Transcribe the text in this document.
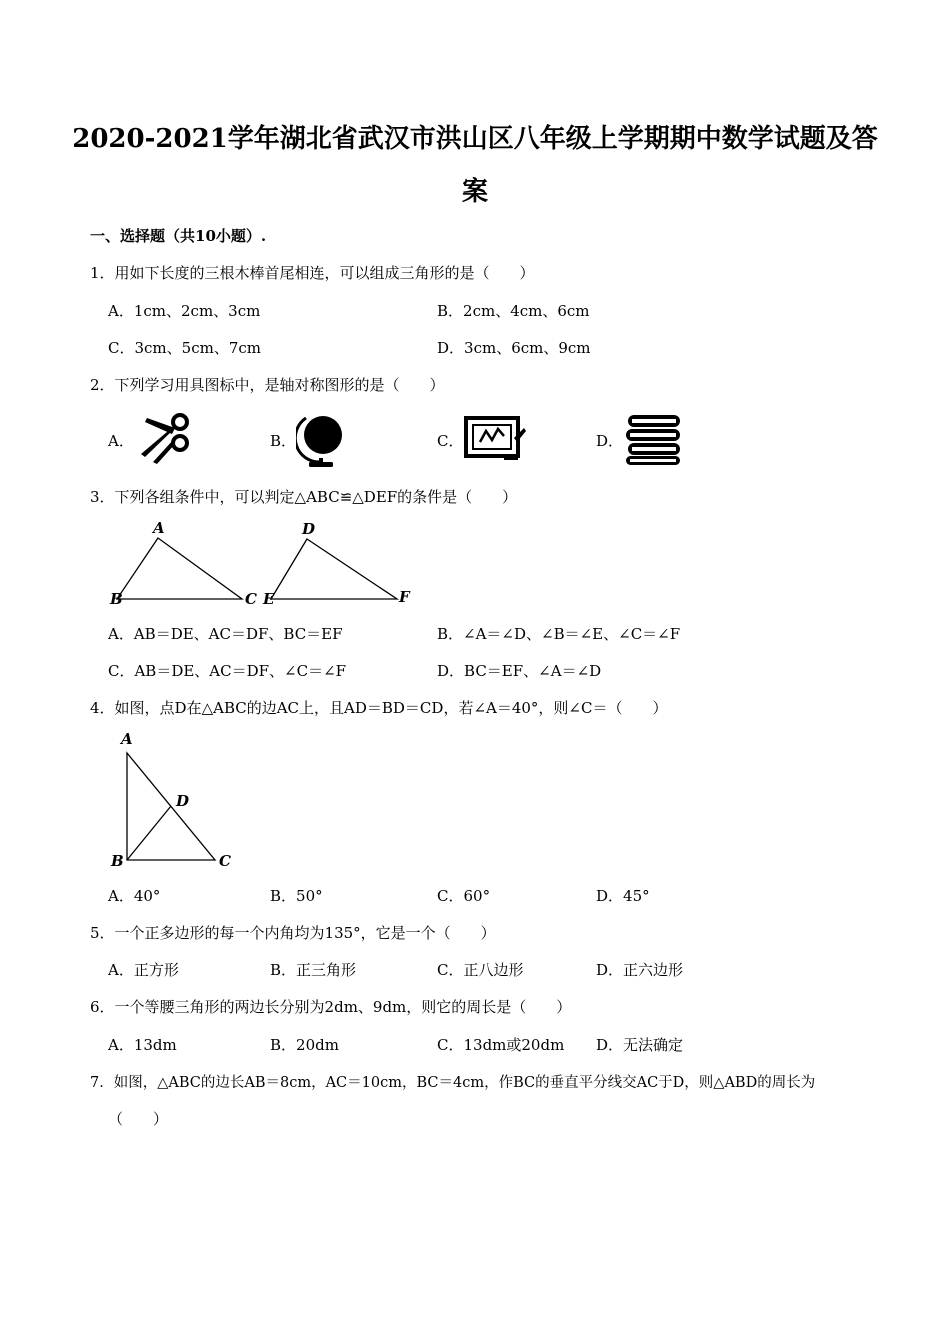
2020-2021学年湖北省武汉市洪山区八年级上学期期中数学试题及答
案
一、选择题（共10小题）.
1．用如下长度的三根木棒首尾相连，可以组成三角形的是（　　）
A．1cm、2cm、3cm	B．2cm、4cm、6cm
C．3cm、5cm、7cm	D．3cm、6cm、9cm
2．下列学习用具图标中，是轴对称图形的是（　　）
A．	B．	C．	D．
3．下列各组条件中，可以判定△ABC≌△DEF的条件是（　　）
A
B	C
D
E	F
A．AB＝DE、AC＝DF、BC＝EF	B．∠A＝∠D、∠B＝∠E、∠C＝∠F
C．AB＝DE、AC＝DF、∠C＝∠F	D．BC＝EF、∠A＝∠D
4．如图，点D在△ABC的边AC上，且AD＝BD＝CD，若∠A＝40°，则∠C＝（　　）
A
D
B	C
A．40°	B．50°	C．60°	D．45°
5．一个正多边形的每一个内角均为135°，它是一个（　　）
A．正方形	B．正三角形	C．正八边形	D．正六边形
6．一个等腰三角形的两边长分别为2dm、9dm，则它的周长是（　　）
A．13dm	B．20dm	C．13dm或20dm D．无法确定
7．如图，△ABC的边长AB＝8cm，AC＝10cm，BC＝4cm，作BC的垂直平分线交AC于D，则△ABD的周长为
（　　）
